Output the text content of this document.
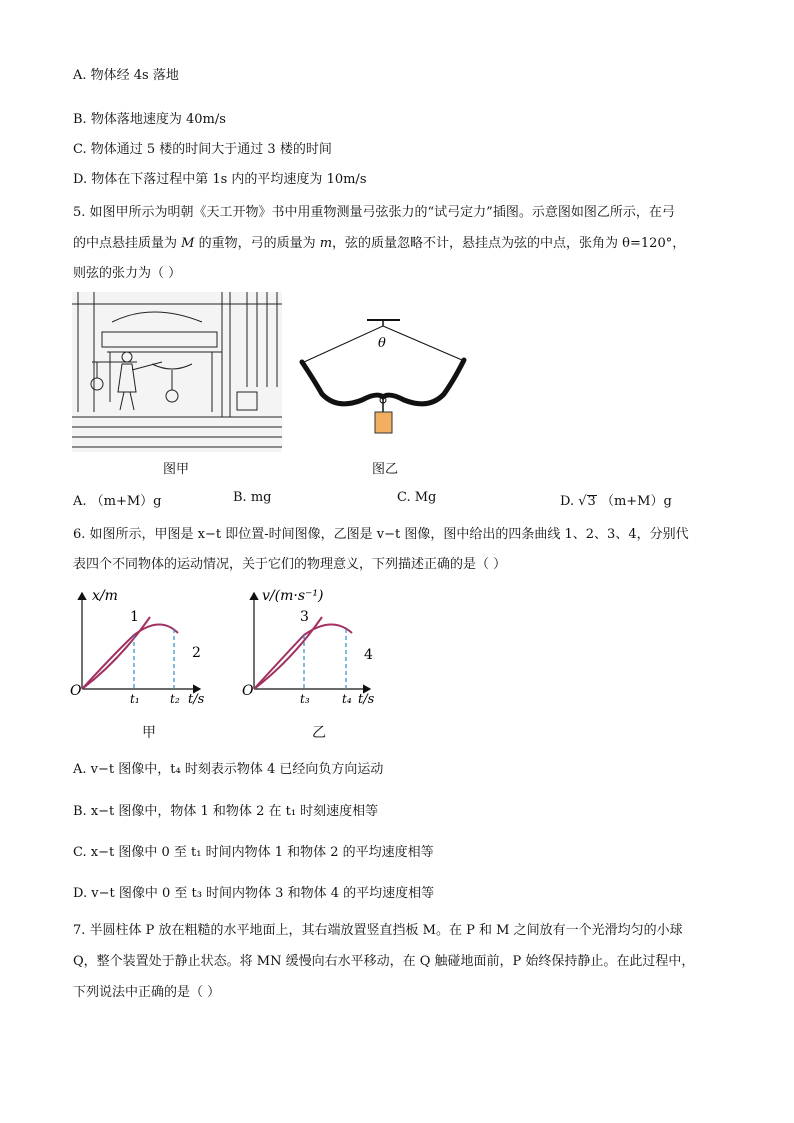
A. 物体经 4s 落地
B. 物体落地速度为 40m/s
C. 物体通过 5 楼的时间大于通过 3 楼的时间
D. 物体在下落过程中第 1s 内的平均速度为 10m/s
5. 如图甲所示为明朝《天工开物》书中用重物测量弓弦张力的“试弓定力”插图。示意图如图乙所示，在弓
的中点悬挂质量为 M 的重物，弓的质量为 m，弦的质量忽略不计，悬挂点为弦的中点，张角为 θ=120°，
则弦的张力为（ ）
图甲
θ
图乙
A. （m+M）g	B. mg	C. Mg	D. √3 （m+M）g
6. 如图所示，甲图是 x−t 即位置-时间图像，乙图是 v−t 图像，图中给出的四条曲线 1、2、3、4，分别代
表四个不同物体的运动情况，关于它们的物理意义，下列描述正确的是（ ）
x/m
O
1
2
t₁	t₂ t/s
甲
v/(m·s⁻¹)
O
3
4
t₃	t₄ t/s
乙
A. v−t 图像中，t₄ 时刻表示物体 4 已经向负方向运动
B. x−t 图像中，物体 1 和物体 2 在 t₁ 时刻速度相等
C. x−t 图像中 0 至 t₁ 时间内物体 1 和物体 2 的平均速度相等
D. v−t 图像中 0 至 t₃ 时间内物体 3 和物体 4 的平均速度相等
7. 半圆柱体 P 放在粗糙的水平地面上，其右端放置竖直挡板 M。在 P 和 M 之间放有一个光滑均匀的小球
Q，整个装置处于静止状态。将 MN 缓慢向右水平移动，在 Q 触碰地面前，P 始终保持静止。在此过程中，
下列说法中正确的是（ ）
